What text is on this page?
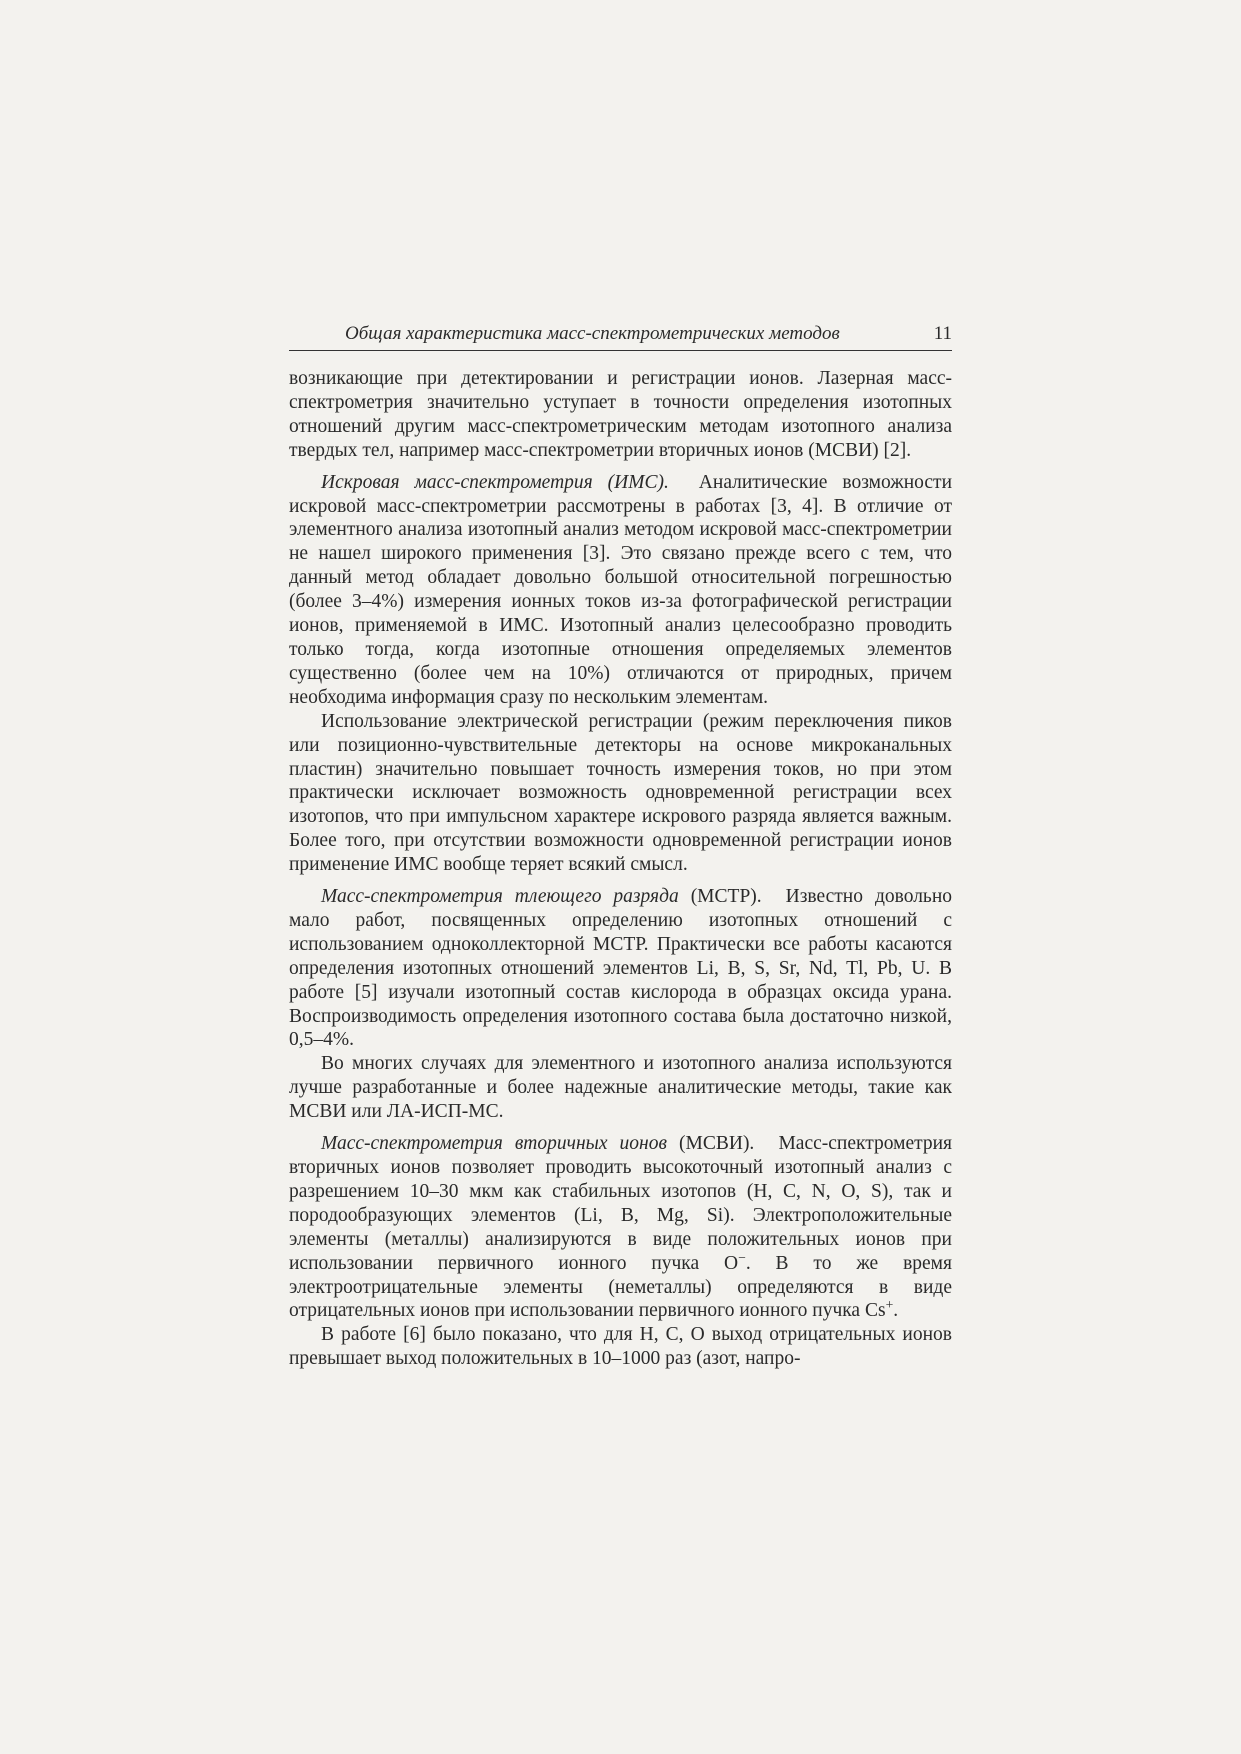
Общая характеристика масс-спектрометрических методов	11

возникающие при детектировании и регистрации ионов. Лазерная масс-спектрометрия значительно уступает в точности определения изотопных отношений другим масс-спектрометрическим методам изотопного анализа твердых тел, например масс-спектрометрии вторичных ионов (МСВИ) [2].

Искровая масс-спектрометрия (ИМС). Аналитические возможности искровой масс-спектрометрии рассмотрены в работах [3, 4]. В отличие от элементного анализа изотопный анализ методом искровой масс-спектрометрии не нашел широкого применения [3]. Это связано прежде всего с тем, что данный метод обладает довольно большой относительной погрешностью (более 3–4%) измерения ионных токов из-за фотографической регистрации ионов, применяемой в ИМС. Изотопный анализ целесообразно проводить только тогда, когда изотопные отношения определяемых элементов существенно (более чем на 10%) отличаются от природных, причем необходима информация сразу по нескольким элементам.

Использование электрической регистрации (режим переключения пиков или позиционно-чувствительные детекторы на основе микроканальных пластин) значительно повышает точность измерения токов, но при этом практически исключает возможность одновременной регистрации всех изотопов, что при импульсном характере искрового разряда является важным. Более того, при отсутствии возможности одновременной регистрации ионов применение ИМС вообще теряет всякий смысл.

Масс-спектрометрия тлеющего разряда (МСТР). Известно довольно мало работ, посвященных определению изотопных отношений с использованием одноколлекторной МСТР. Практически все работы касаются определения изотопных отношений элементов Li, B, S, Sr, Nd, Tl, Pb, U. В работе [5] изучали изотопный состав кислорода в образцах оксида урана. Воспроизводимость определения изотопного состава была достаточно низкой, 0,5–4%.

Во многих случаях для элементного и изотопного анализа используются лучше разработанные и более надежные аналитические методы, такие как МСВИ или ЛА-ИСП-МС.

Масс-спектрометрия вторичных ионов (МСВИ). Масс-спектрометрия вторичных ионов позволяет проводить высокоточный изотопный анализ с разрешением 10–30 мкм как стабильных изотопов (H, C, N, O, S), так и породообразующих элементов (Li, B, Mg, Si). Электроположительные элементы (металлы) анализируются в виде положительных ионов при использовании первичного ионного пучка O−. В то же время электроотрицательные элементы (неметаллы) определяются в виде отрицательных ионов при использовании первичного ионного пучка Cs+.

В работе [6] было показано, что для H, C, O выход отрицательных ионов превышает выход положительных в 10–1000 раз (азот, напро-
